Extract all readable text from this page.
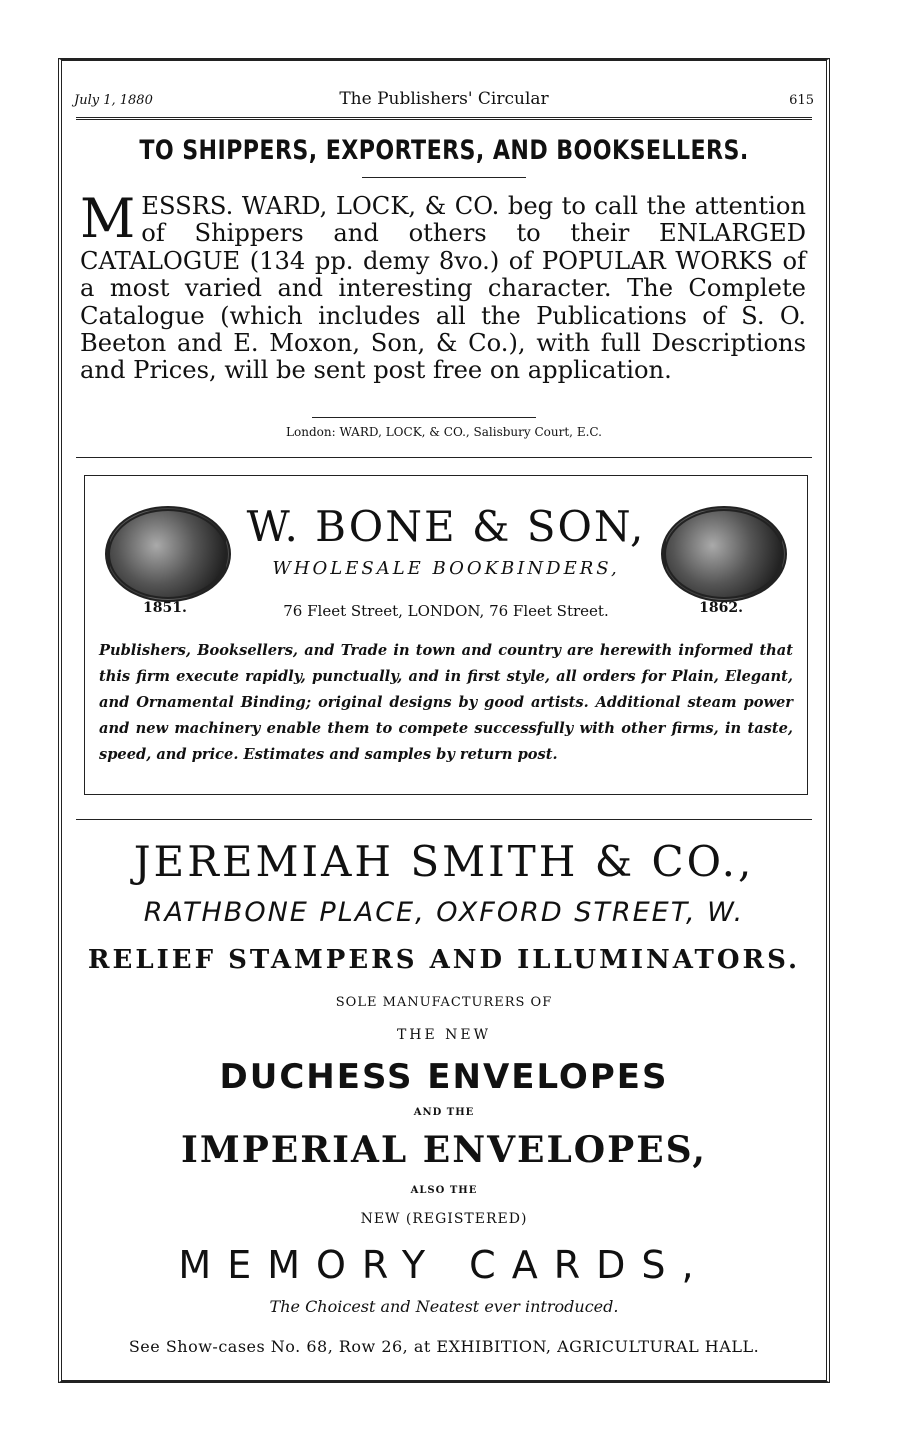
July 1, 1880	The Publishers' Circular	615
TO SHIPPERS, EXPORTERS, AND BOOKSELLERS.
M ESSRS. WARD, LOCK, & CO. beg to call the attention of Shippers and others to their ENLARGED CATALOGUE (134 pp. demy 8vo.) of POPULAR WORKS of a most varied and interesting character. The Complete Catalogue (which includes all the Publications of S. O. Beeton and E. Moxon, Son, & Co.), with full Descriptions and Prices, will be sent post free on application.
London: WARD, LOCK, & CO., Salisbury Court, E.C.
W. BONE & SON,
WHOLESALE BOOKBINDERS,
1851.	76 Fleet Street, LONDON, 76 Fleet Street.	1862.
Publishers, Booksellers, and Trade in town and country are herewith informed that this firm execute rapidly, punctually, and in first style, all orders for Plain, Elegant, and Ornamental Binding; original designs by good artists. Additional steam power and new machinery enable them to compete successfully with other firms, in taste, speed, and price. Estimates and samples by return post.
JEREMIAH SMITH & CO.,
RATHBONE PLACE, OXFORD STREET, W.
RELIEF STAMPERS AND ILLUMINATORS.
SOLE MANUFACTURERS OF
THE NEW
DUCHESS ENVELOPES
AND THE
IMPERIAL ENVELOPES,
ALSO THE
NEW (REGISTERED)
MEMORY CARDS,
The Choicest and Neatest ever introduced.
See Show-cases No. 68, Row 26, at EXHIBITION, AGRICULTURAL HALL.
